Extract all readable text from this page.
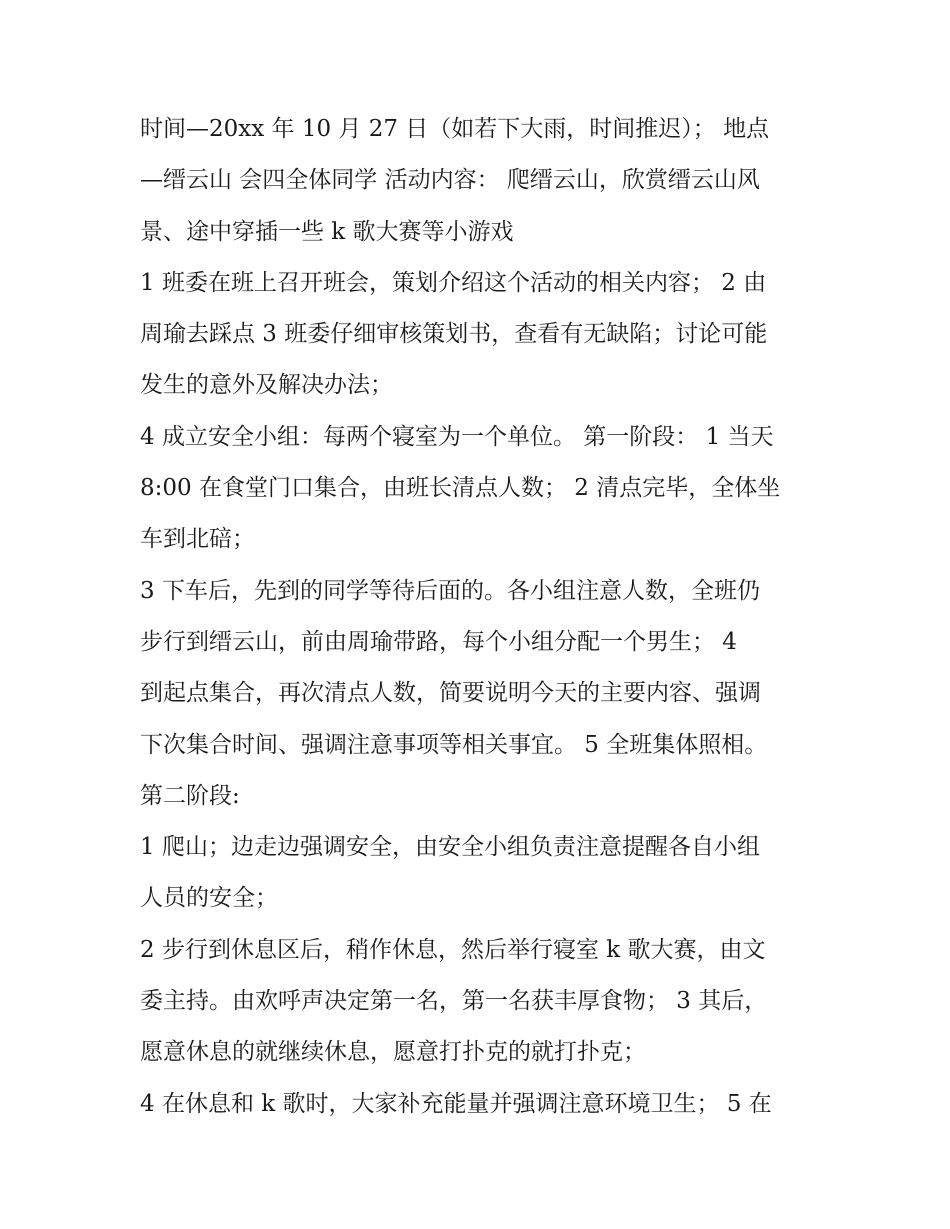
时间—20xx 年 10 月 27 日（如若下大雨，时间推迟）； 地点
—缙云山 会四全体同学 活动内容： 爬缙云山，欣赏缙云山风
景、途中穿插一些 k 歌大赛等小游戏
1 班委在班上召开班会，策划介绍这个活动的相关内容； 2 由
周瑜去踩点 3 班委仔细审核策划书，查看有无缺陷；讨论可能
发生的意外及解决办法；
4 成立安全小组：每两个寝室为一个单位。 第一阶段： 1 当天
8:00 在食堂门口集合，由班长清点人数； 2 清点完毕，全体坐
车到北碚；
3 下车后，先到的同学等待后面的。各小组注意人数，全班仍
步行到缙云山，前由周瑜带路，每个小组分配一个男生； 4
到起点集合，再次清点人数，简要说明今天的主要内容、强调
下次集合时间、强调注意事项等相关事宜。 5 全班集体照相。
第二阶段:
1 爬山；边走边强调安全，由安全小组负责注意提醒各自小组
人员的安全；
2 步行到休息区后，稍作休息，然后举行寝室 k 歌大赛，由文
委主持。由欢呼声决定第一名，第一名获丰厚食物； 3 其后，
愿意休息的就继续休息，愿意打扑克的就打扑克；
4 在休息和 k 歌时，大家补充能量并强调注意环境卫生； 5 在
